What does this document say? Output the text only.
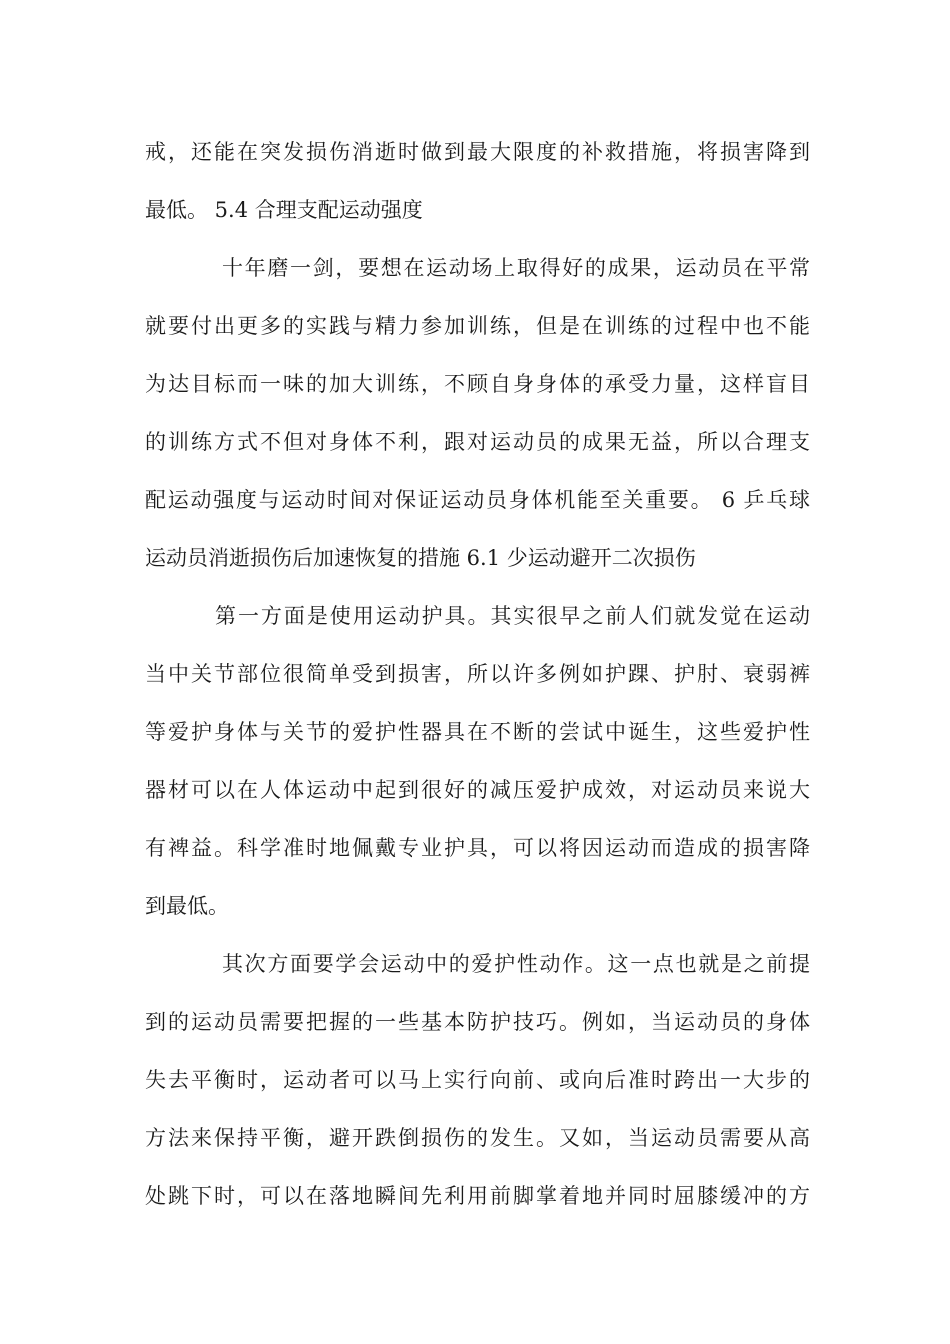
戒，还能在突发损伤消逝时做到最大限度的补救措施，将损害降到
最低。 5.4 合理支配运动强度
十年磨一剑，要想在运动场上取得好的成果，运动员在平常
就要付出更多的实践与精力参加训练，但是在训练的过程中也不能
为达目标而一味的加大训练，不顾自身身体的承受力量，这样盲目
的训练方式不但对身体不利，跟对运动员的成果无益，所以合理支
配运动强度与运动时间对保证运动员身体机能至关重要。 6 乒乓球
运动员消逝损伤后加速恢复的措施 6.1 少运动避开二次损伤
第一方面是使用运动护具。其实很早之前人们就发觉在运动
当中关节部位很简单受到损害，所以许多例如护踝、护肘、衰弱裤
等爱护身体与关节的爱护性器具在不断的尝试中诞生，这些爱护性
器材可以在人体运动中起到很好的减压爱护成效，对运动员来说大
有裨益。科学准时地佩戴专业护具，可以将因运动而造成的损害降
到最低。
其次方面要学会运动中的爱护性动作。这一点也就是之前提
到的运动员需要把握的一些基本防护技巧。例如，当运动员的身体
失去平衡时，运动者可以马上实行向前、或向后准时跨出一大步的
方法来保持平衡，避开跌倒损伤的发生。又如，当运动员需要从高
处跳下时，可以在落地瞬间先利用前脚掌着地并同时屈膝缓冲的方
